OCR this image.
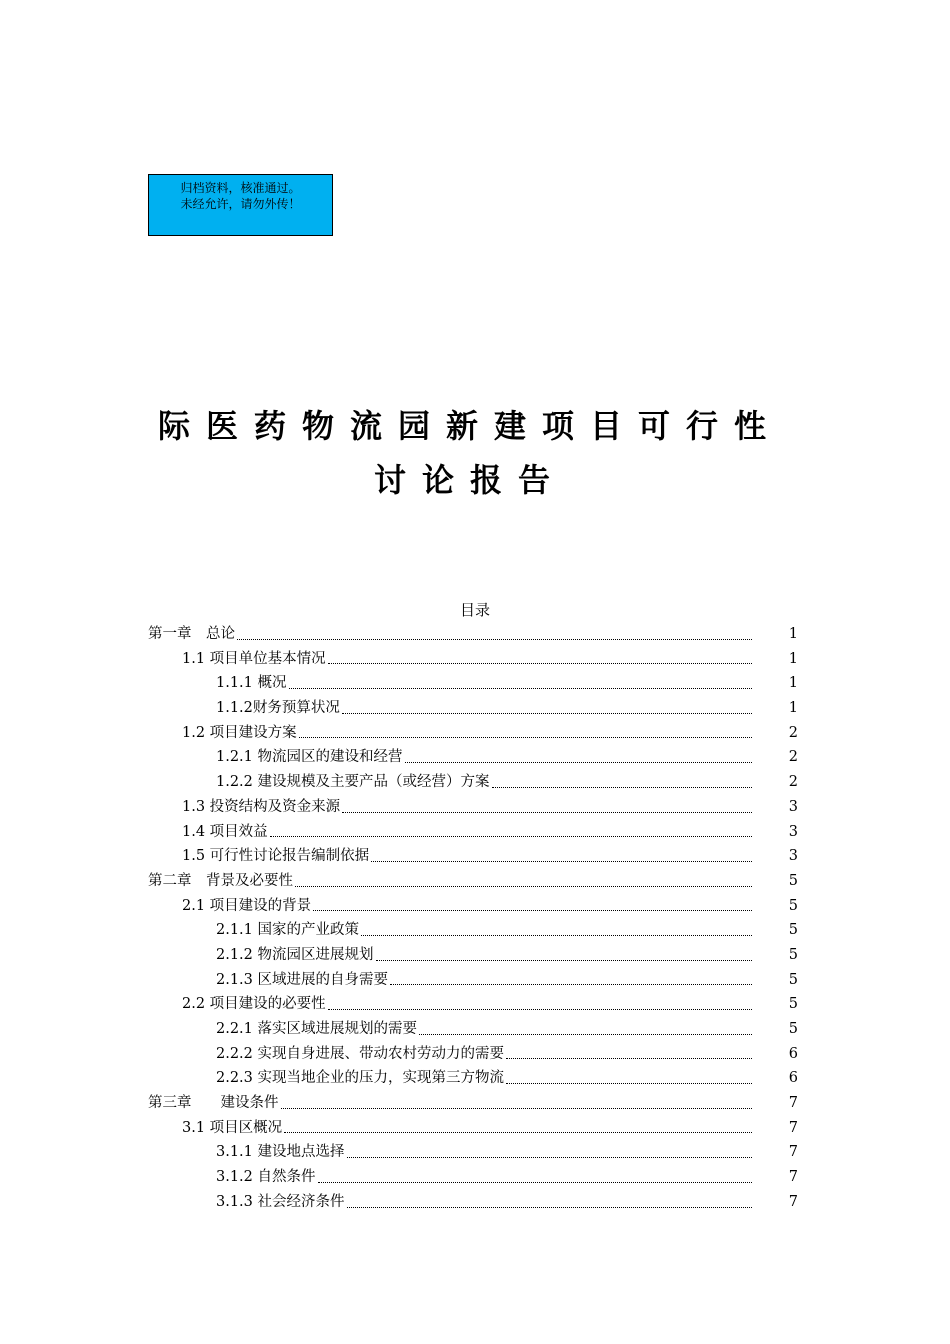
归档资料，核准通过。
未经允许，请勿外传！
际医药物流园新建项目可行性
讨论报告
目录
第一章　总论	1
1.1 项目单位基本情况	1
1.1.1 概况	1
1.1.2财务预算状况	1
1.2 项目建设方案	2
1.2.1 物流园区的建设和经营	2
1.2.2 建设规模及主要产品（或经营）方案	2
1.3 投资结构及资金来源	3
1.4 项目效益	3
1.5 可行性讨论报告编制依据	3
第二章　背景及必要性	5
2.1 项目建设的背景	5
2.1.1 国家的产业政策	5
2.1.2 物流园区进展规划	5
2.1.3 区域进展的自身需要	5
2.2 项目建设的必要性	5
2.2.1 落实区域进展规划的需要	5
2.2.2 实现自身进展、带动农村劳动力的需要	6
2.2.3 实现当地企业的压力，实现第三方物流	6
第三章　　建设条件	7
3.1 项目区概况	7
3.1.1 建设地点选择	7
3.1.2 自然条件	7
3.1.3 社会经济条件	7
